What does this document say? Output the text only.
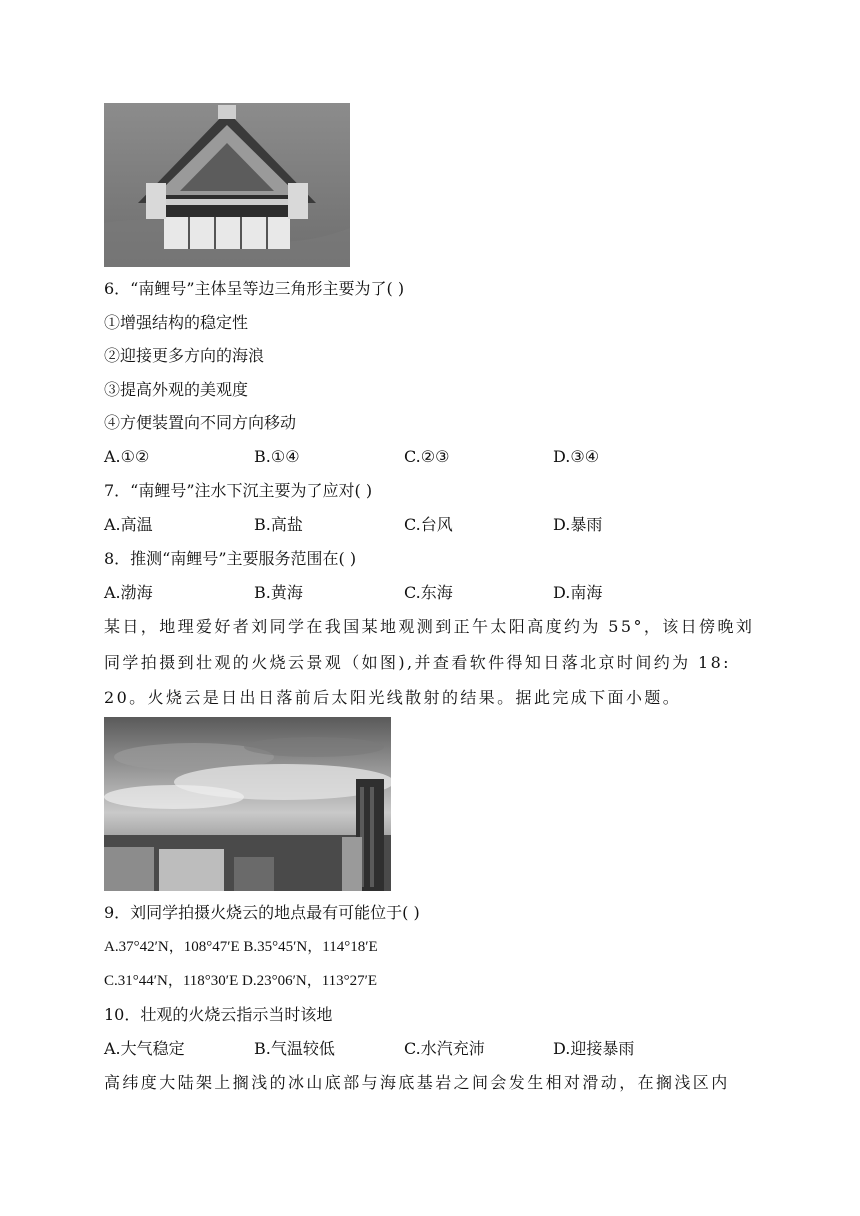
6．“南鲤号”主体呈等边三角形主要为了( )
①增强结构的稳定性
②迎接更多方向的海浪
③提高外观的美观度
④方便装置向不同方向移动
A.①②	B.①④	C.②③	D.③④
7．“南鲤号”注水下沉主要为了应对( )
A.高温	B.高盐	C.台风	D.暴雨
8．推测“南鲤号”主要服务范围在( )
A.渤海	B.黄海	C.东海	D.南海
某日，地理爱好者刘同学在我国某地观测到正午太阳高度约为 55°，该日傍晚刘
同学拍摄到壮观的火烧云景观（如图),并查看软件得知日落北京时间约为 18:
20。火烧云是日出日落前后太阳光线散射的结果。据此完成下面小题。
9．刘同学拍摄火烧云的地点最有可能位于( )
A.37°42′N，108°47′E B.35°45′N，114°18′E
C.31°44′N，118°30′E D.23°06′N，113°27′E
10．壮观的火烧云指示当时该地
A.大气稳定	B.气温较低	C.水汽充沛	D.迎接暴雨
高纬度大陆架上搁浅的冰山底部与海底基岩之间会发生相对滑动，在搁浅区内
